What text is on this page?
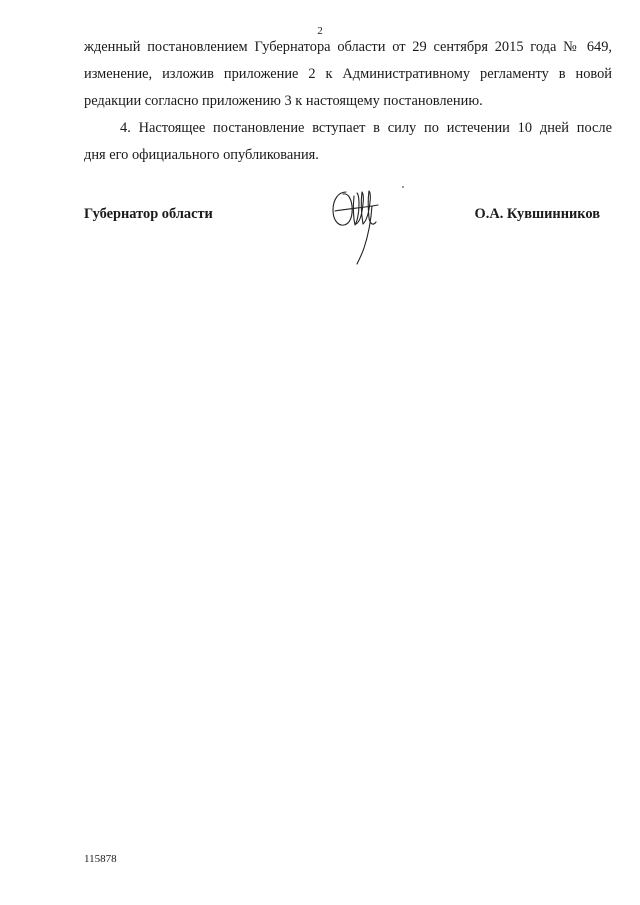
2

жденный постановлением Губернатора области от 29 сентября 2015 года № 649,
изменение, изложив приложение 2 к Административному регламенту в новой
редакции согласно приложению 3 к настоящему постановлению.

4. Настоящее постановление вступает в силу по истечении 10 дней после
дня его официального опубликования.

Губернатор области	О.А. Кувшинников
115878
